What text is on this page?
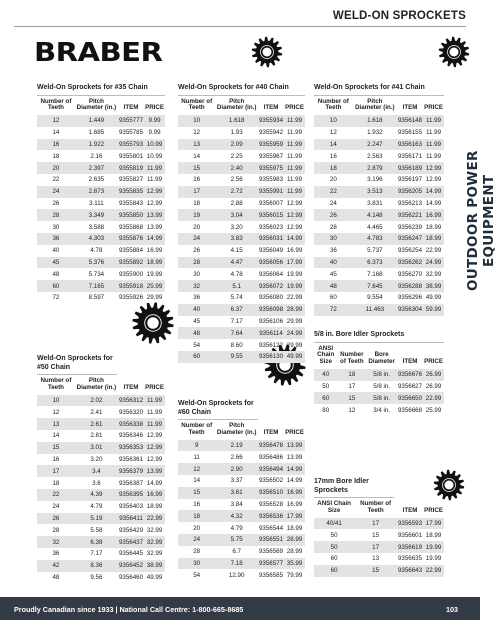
WELD-ON SPROCKETS
BRABER
OUTDOOR POWER EQUIPMENT
Weld-On Sprockets for #35 Chain
Number of Teeth	Pitch Diameter (in.)	ITEM	PRICE
12	1.449	9355777	9.99
14	1.685	9355785	9.99
16	1.922	9355793	10.99
18	2.16	9355801	10.99
20	2.397	9355819	11.99
22	2.635	9355827	11.99
24	2.873	9355835	12.99
26	3.111	9355843	12.99
28	3.349	9355850	13.99
30	3.588	9355868	13.99
36	4.303	9355876	14.99
40	4.78	9355884	16.99
45	5.376	9355892	18.99
48	5.734	9355900	19.99
60	7.165	9355918	25.99
72	8.597	9355926	29.99
Weld-On Sprockets for #40 Chain
Number of Teeth	Pitch Diameter (in.)	ITEM	PRICE
10	1.618	9355934	11.99
12	1.93	9355942	11.99
13	2.09	9355959	11.99
14	2.25	9355967	11.99
15	2.40	9355975	11.99
16	2.56	9355983	11.99
17	2.72	9355991	11.99
18	2.88	9356007	12.99
19	3.04	9356015	12.99
20	3.20	9356023	12.99
24	3.83	9356031	14.99
26	4.15	9356049	16.99
28	4.47	9356056	17.99
30	4.78	9356064	19.99
32	5.1	9356072	19.99
36	5.74	9356080	22.99
40	6.37	9356098	28.99
45	7.17	9356106	29.99
48	7.64	9356114	24.99
54	8.60	9356122	29.99
60	9.55	9356130	49.99
Weld-On Sprockets for #41 Chain
Number of Teeth	Pitch Diameter (in.)	ITEM	PRICE
10	1.618	9356148	11.99
12	1.932	9356155	11.99
14	2.247	9356163	11.99
16	2.563	9356171	11.99
18	2.879	9356189	12.99
20	3.196	9356197	12.99
22	3.513	9356205	14.99
24	3.831	9356213	14.99
26	4.148	9356221	16.99
28	4.465	9356239	18.99
30	4.783	9356247	18.99
36	5.737	9356254	22.99
40	6.373	9356262	24.99
45	7.168	9356270	32.99
48	7.645	9356288	38.99
60	9.554	9356296	49.99
72	11.463	9356304	59.99
Weld-On Sprockets for #50 Chain
Number of Teeth	Pitch Diameter (in.)	ITEM	PRICE
10	2.02	9356312	11.99
12	2.41	9356320	11.99
13	2.61	9356338	11.99
14	2.81	9356346	12.99
15	3.01	9356353	12.99
16	3.20	9356361	12.99
17	3.4	9356379	13.99
18	3.6	9356387	14.99
22	4.39	9356395	16.99
24	4.79	9356403	18.99
26	5.19	9356411	22.99
28	5.58	9356429	32.99
32	6.38	9356437	32.99
36	7.17	9356445	32.99
42	8.36	9356452	38.99
48	9.56	9356460	49.99
Weld-On Sprockets for #60 Chain
Number of Teeth	Pitch Diameter (in.)	ITEM	PRICE
9	2.19	9356478	13.99
11	2.66	9356486	13.99
12	2.90	9356494	14.99
14	3.37	9356502	14.99
15	3.61	9356510	16.99
16	3.84	9356528	16.99
18	4.32	9356536	17.99
20	4.79	9356544	18.99
24	5.75	9356551	28.99
28	6.7	9356569	28.99
30	7.18	9356577	35.99
54	12.90	9356585	79.99
5/8 in. Bore Idler Sprockets
ANSI Chain Size	Number of Teeth	Bore Diameter	ITEM	PRICE
40	18	5/8 in.	9356676	26.99
50	17	5/8 in.	9356627	26.99
60	15	5/8 in.	9356650	22.99
80	12	3/4 in.	9356668	25.99
17mm Bore Idler Sprockets
ANSI Chain Size	Number of Teeth	ITEM	PRICE
40/41	17	9356593	17.99
50	15	9356601	18.99
50	17	9356619	19.99
60	13	9356635	19.99
60	15	9356643	22.99
Proudly Canadian since 1933 | National Call Centre: 1-800-665-8685	103
